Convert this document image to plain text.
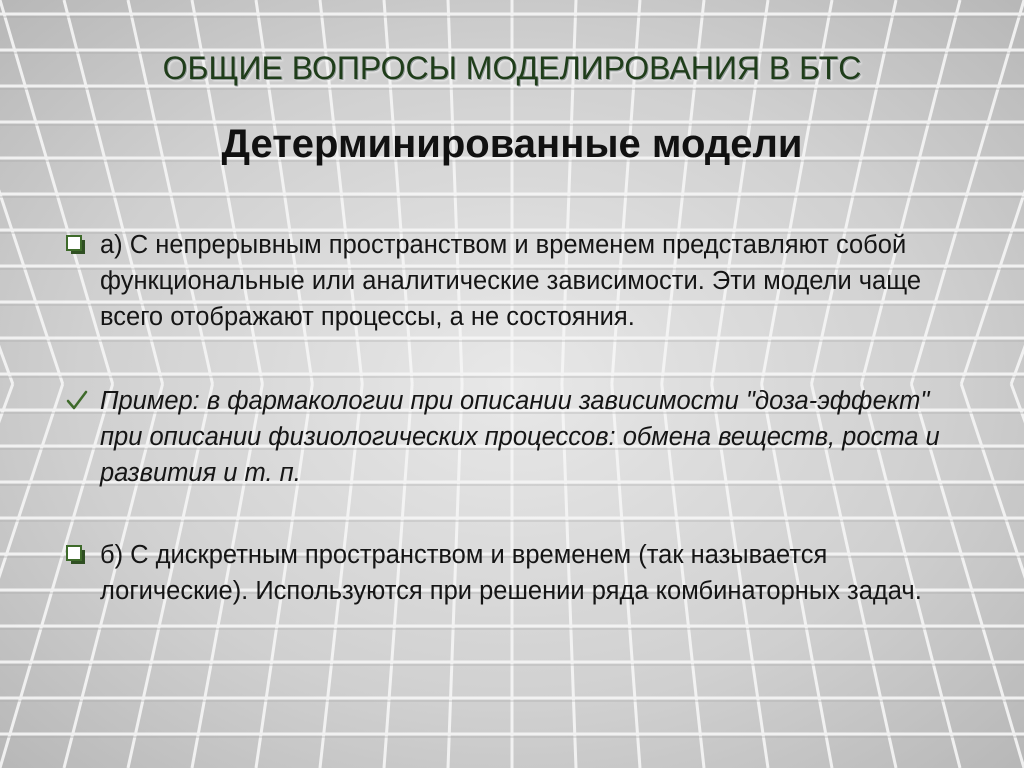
ОБЩИЕ ВОПРОСЫ МОДЕЛИРОВАНИЯ В БТС
Детерминированные модели
а) С непрерывным пространством и временем представляют собой функциональные или аналитические зависимости. Эти модели чаще всего отображают процессы, а не состояния.
Пример: в фармакологии при описании зависимости "доза-эффект" при описании физиологических процессов: обмена веществ, роста и развития и т. п.
б) С дискретным пространством и временем (так называется логические). Используются при решении ряда комбинаторных задач.
